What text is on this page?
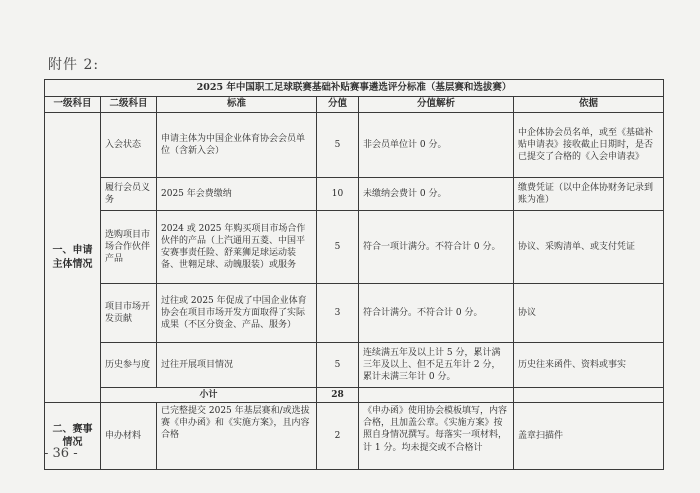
附件 2:
2025 年中国职工足球联赛基础补贴赛事遴选评分标准（基层赛和选拔赛）					
一级科目	二级科目	标准	分值	分值解析	依据
一、申请主体情况	入会状态	申请主体为中国企业体育协会会员单位（含新入会）	5	非会员单位计 0 分。	中企体协会员名单，或至《基础补贴申请表》接收截止日期时，是否已提交了合格的《入会申请表》
	履行会员义务	2025 年会费缴纳	10	未缴纳会费计 0 分。	缴费凭证（以中企体协财务记录到账为准）
	选购项目市场合作伙伴产品	2024 或 2025 年购买项目市场合作伙伴的产品（上汽通用五菱、中国平安赛事责任险、舒莱狮足球运动装备、世翱足球、动魄服装）或服务	5	符合一项计满分。不符合计 0 分。	协议、采购清单、或支付凭证
	项目市场开发贡献	过往或 2025 年促成了中国企业体育协会在项目市场开发方面取得了实际成果（不区分资金、产品、服务）	3	符合计满分。不符合计 0 分。	协议
	历史参与度	过往开展项目情况	5	连续满五年及以上计 5 分，累计满三年及以上、但不足五年计 2 分，累计未满三年计 0 分。	历史往来函件、资料或事实
	小计		28		
二、赛事情况	申办材料	已完整提交 2025 年基层赛和/或选拔赛《申办函》和《实施方案》，且内容合格	2	《申办函》使用协会模板填写，内容合格，且加盖公章。《实施方案》按照自身情况撰写。每落实一项材料，计 1 分。均未提交或不合格计	盖章扫描件
- 36 -
